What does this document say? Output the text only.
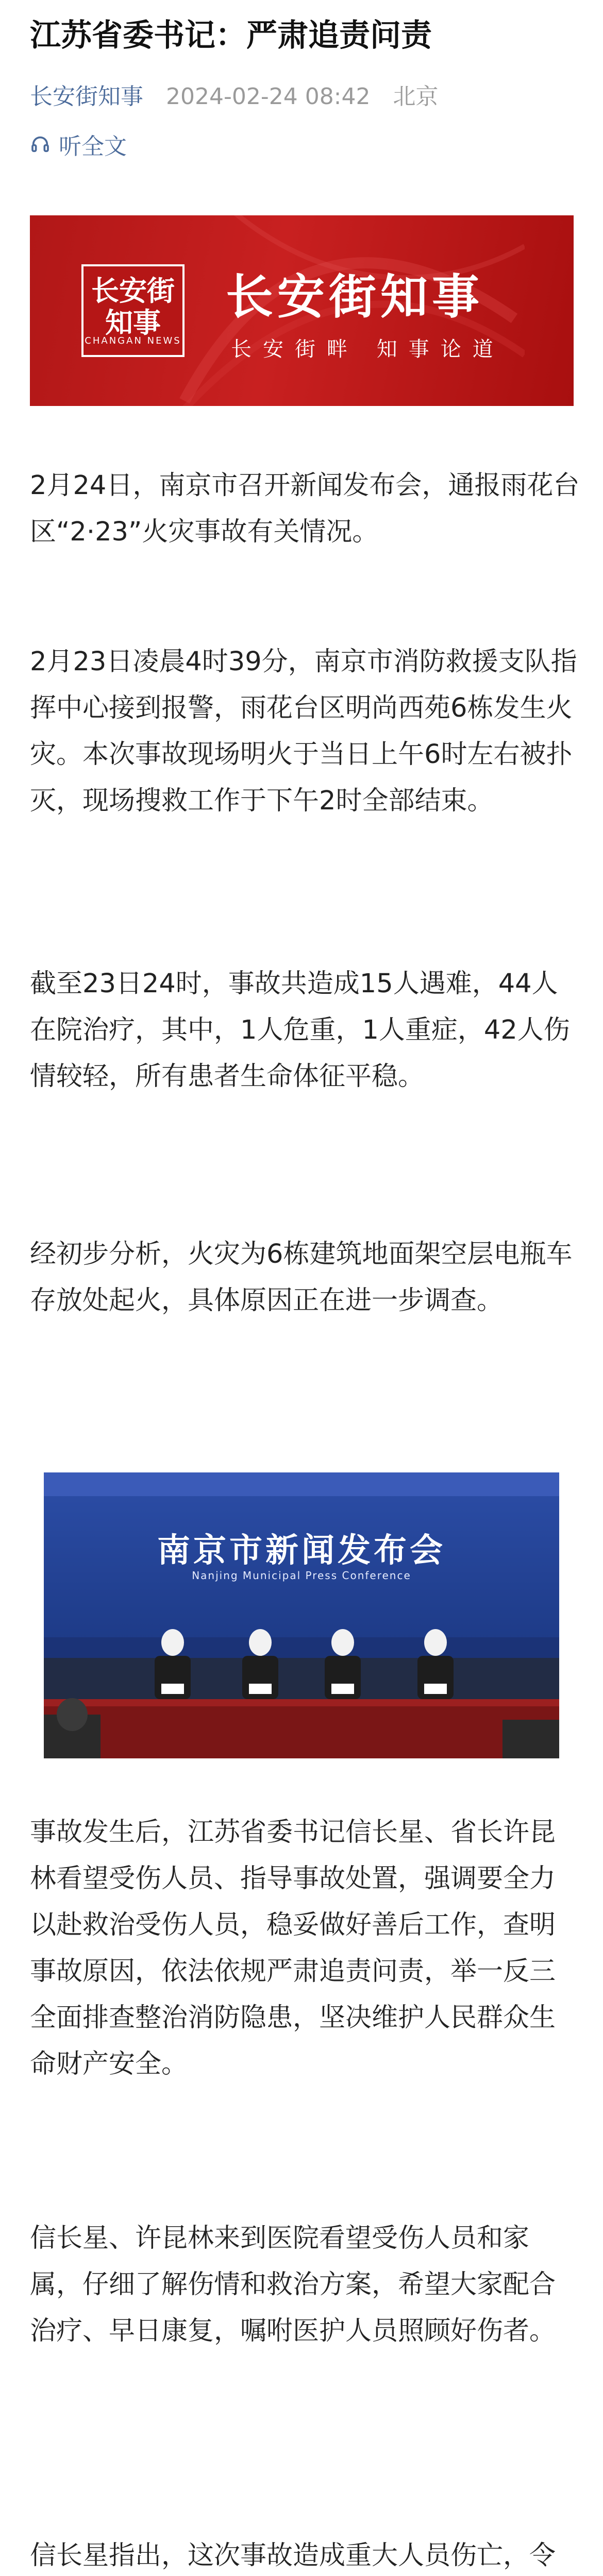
江苏省委书记：严肃追责问责
长安街知事 2024-02-24 08:42 北京
听全文
长安街
知事
CHANGAN NEWS
长安街知事
长安街畔 知事论道

2月24日，南京市召开新闻发布会，通报雨花台区“2·23”火灾事故有关情况。

2月23日凌晨4时39分，南京市消防救援支队指挥中心接到报警，雨花台区明尚西苑6栋发生火灾。本次事故现场明火于当日上午6时左右被扑灭，现场搜救工作于下午2时全部结束。

截至23日24时，事故共造成15人遇难，44人在院治疗，其中，1人危重，1人重症，42人伤情较轻，所有患者生命体征平稳。

经初步分析，火灾为6栋建筑地面架空层电瓶车存放处起火，具体原因正在进一步调查。

南京市新闻发布会
Nanjing Municipal Press Conference

事故发生后，江苏省委书记信长星、省长许昆林看望受伤人员、指导事故处置，强调要全力以赴救治受伤人员，稳妥做好善后工作，查明事故原因，依法依规严肃追责问责，举一反三全面排查整治消防隐患，坚决维护人民群众生命财产安全。

信长星、许昆林来到医院看望受伤人员和家属，仔细了解伤情和救治方案，希望大家配合治疗、早日康复，嘱咐医护人员照顾好伤者。

信长星指出，这次事故造成重大人员伤亡，令
